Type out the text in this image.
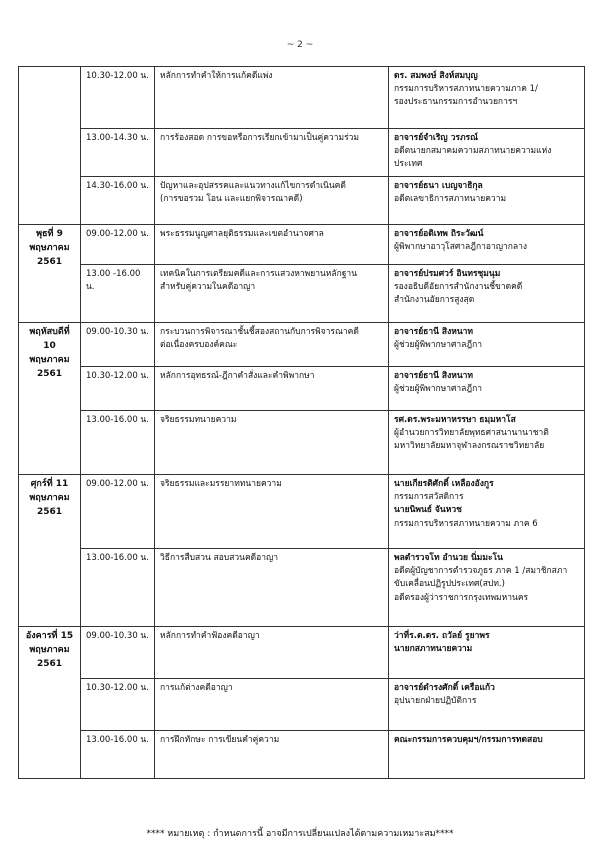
~ 2 ~
	10.30-12.00 น.	หลักการทำคำให้การแก้คดีแพ่ง	ดร. สมพงษ์ สิงห์สมบุญ
กรรมการบริหารสภาทนายความภาค 1/
รองประธานกรรมการอำนวยการฯ

	13.00-14.30 น.	การร้องสอด การขอหรือการเรียกเข้ามาเป็นคู่ความร่วม	อาจารย์จำเริญ วรภรณ์
อดีตนายกสมาคมความสภาทนายความแห่งประเทศ

	14.30-16.00 น.	ปัญหาและอุปสรรคและแนวทางแก้ไขการดำเนินคดี
(การขอรวม โอน และแยกพิจารณาคดี)	อาจารย์ธนา เบญจาธิกุล
อดีตเลขาธิการสภาทนายความ

พุธที่ 9
พฤษภาคม
2561	09.00-12.00 น.	พระธรรมนูญศาลยุติธรรมและเขตอำนาจศาล	อาจารย์อดิเทพ ถิระวัฒน์
ผู้พิพากษาอาวุโสศาลฎีกาอาญากลาง

	13.00 -16.00 น.	เทคนิคในการเตรียมคดีและการแสวงหาพยานหลักฐาน
สำหรับคู่ความในคดีอาญา	อาจารย์ปรมศวร์ อินทรชุมนุม
รองอธิบดีอัยการสำนักงานชี้ขาดคดี
สำนักงานอัยการสูงสุด

พฤหัสบดีที่ 10
พฤษภาคม
2561	09.00-10.30 น.	กระบวนการพิจารณาชั้นชี้สองสถานกับการพิจารณาคดี
ต่อเนื่องครบองค์คณะ	อาจารย์ธานี สิงหนาท
ผู้ช่วยผู้พิพากษาศาลฎีกา

	10.30-12.00 น.	หลักการอุทธรณ์-ฎีกาคำสั่งและคำพิพากษา	อาจารย์ธานี สิงหนาท
ผู้ช่วยผู้พิพากษาศาลฎีกา

	13.00-16.00 น.	จริยธรรมทนายความ	รศ.ดร.พระมหาหรรษา ธมฺมหาโส
ผู้อำนวยการวิทยาลัยพุทธศาสนานานาชาติ
มหาวิทยาลัยมหาจุฬาลงกรณราชวิทยาลัย

ศุกร์ที่ 11
พฤษภาคม
2561	09.00-12.00 น.	จริยธรรมและมรรยาททนายความ	นายเกียรติศักดิ์ เหลืองอังกูร
กรรมการสวัสดิการ
นายนิพนธ์ จันหวช
กรรมการบริหารสภาทนายความ ภาค 6

	13.00-16.00 น.	วิธีการสืบสวน สอบสวนคดีอาญา	พลตำรวจโท อำนวย นิ่มมะโน
อดีตผู้บัญชาการตำรวจภูธร ภาค 1 /สมาชิกสภา
ขับเคลื่อนปฏิรูปประเทศ(สปท.)
อดีตรองผู้ว่าราชการกรุงเทพมหานคร

อังคารที่ 15
พฤษภาคม
2561	09.00-10.30 น.	หลักการทำคำฟ้องคดีอาญา	ว่าที่ร.ต.ดร. ถวัลย์ รูยาพร
นายกสภาทนายความ

	10.30-12.00 น.	การแก้ต่างคดีอาญา	อาจารย์ดำรงศักดิ์ เครือแก้ว
อุปนายกฝ่ายปฏิบัติการ

	13.00-16.00 น.	การฝึกทักษะ การเขียนคำคู่ความ	คณะกรรมการควบคุมฯ/กรรมการทดสอบ
**** หมายเหตุ : กำหนดการนี้ อาจมีการเปลี่ยนแปลงได้ตามความเหมาะสม****
